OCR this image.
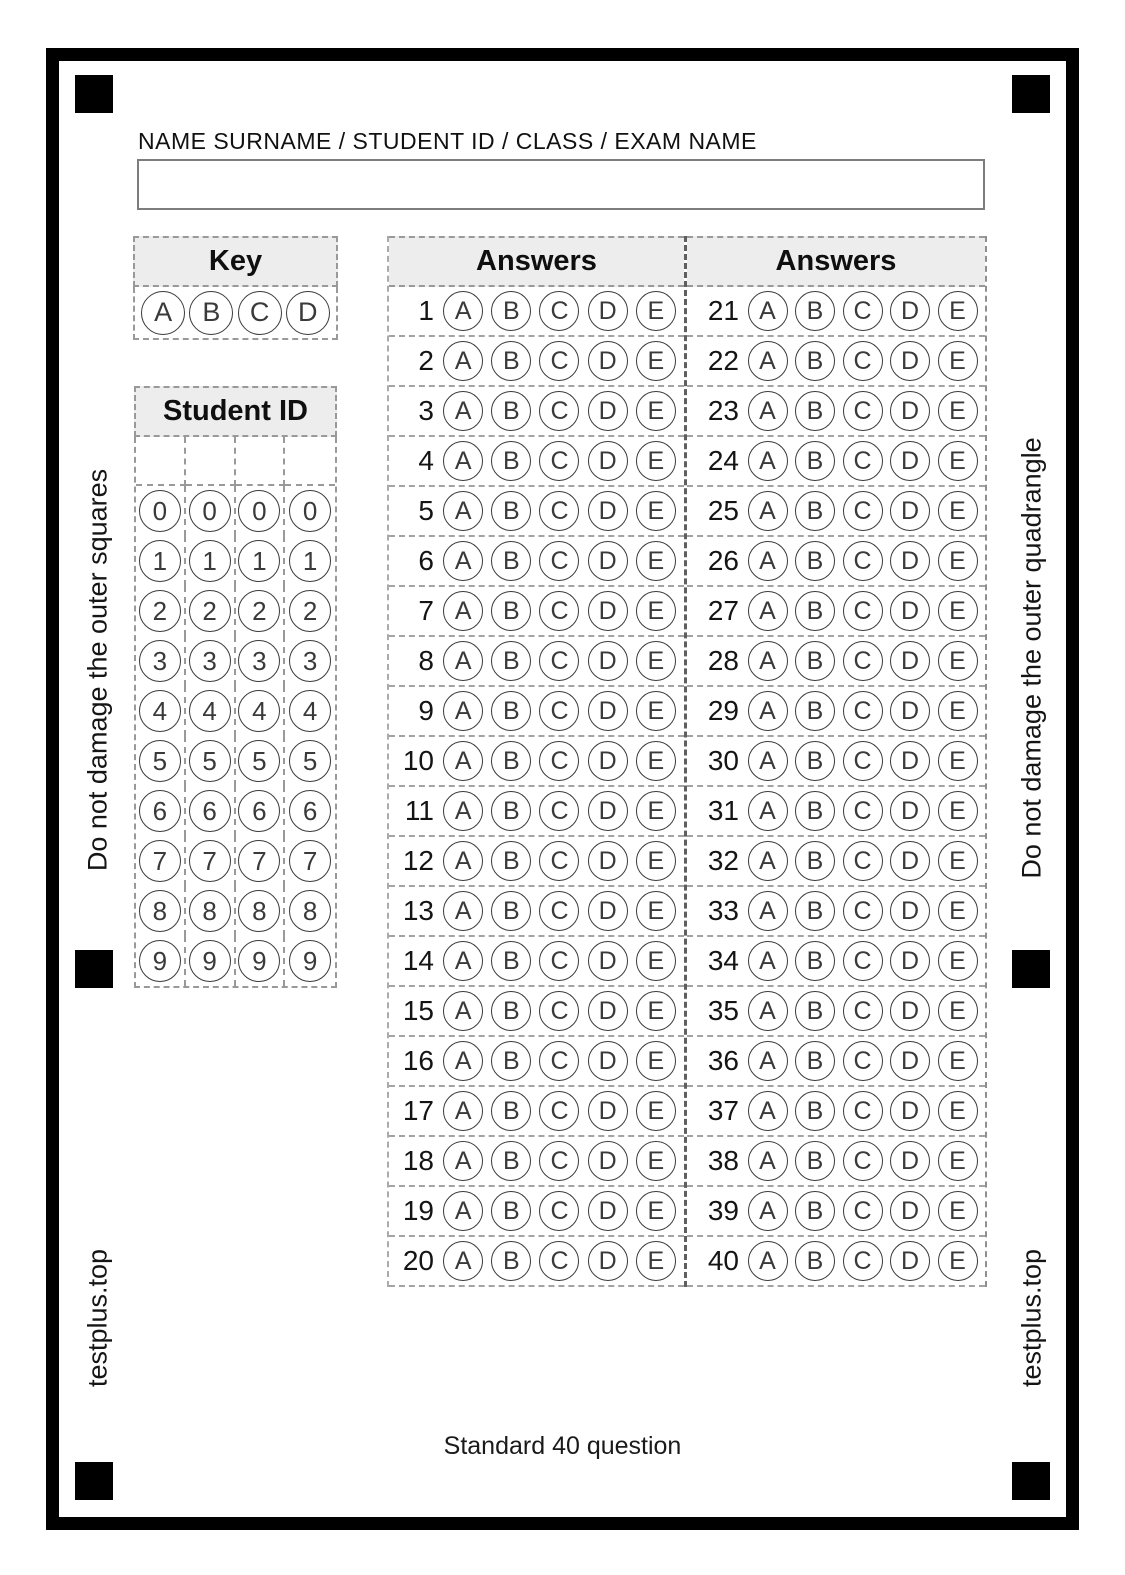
NAME SURNAME / STUDENT ID / CLASS / EXAM NAME
Key
A	B	C	D
Student ID
0	0	0	0
1	1	1	1
2	2	2	2
3	3	3	3
4	4	4	4
5	5	5	5
6	6	6	6
7	7	7	7
8	8	8	8
9	9	9	9
Answers
1 A	B	C	D	E
2 A	B	C	D	E
3 A	B	C	D	E
4 A	B	C	D	E
5 A	B	C	D	E
6 A	B	C	D	E
7 A	B	C	D	E
8 A	B	C	D	E
9 A	B	C	D	E
10 A	B	C	D	E
11 A	B	C	D	E
12 A	B	C	D	E
13 A	B	C	D	E
14 A	B	C	D	E
15 A	B	C	D	E
16 A	B	C	D	E
17 A	B	C	D	E
18 A	B	C	D	E
19 A	B	C	D	E
20 A	B	C	D	E
Answers
21 A	B	C	D	E
22 A	B	C	D	E
23 A	B	C	D	E
24 A	B	C	D	E
25 A	B	C	D	E
26 A	B	C	D	E
27 A	B	C	D	E
28 A	B	C	D	E
29 A	B	C	D	E
30 A	B	C	D	E
31 A	B	C	D	E
32 A	B	C	D	E
33 A	B	C	D	E
34 A	B	C	D	E
35 A	B	C	D	E
36 A	B	C	D	E
37 A	B	C	D	E
38 A	B	C	D	E
39 A	B	C	D	E
40 A	B	C	D	E
Do not damage the outer squares	Do not damage the outer quadrangle
testplus.top	testplus.top
Standard 40 question
